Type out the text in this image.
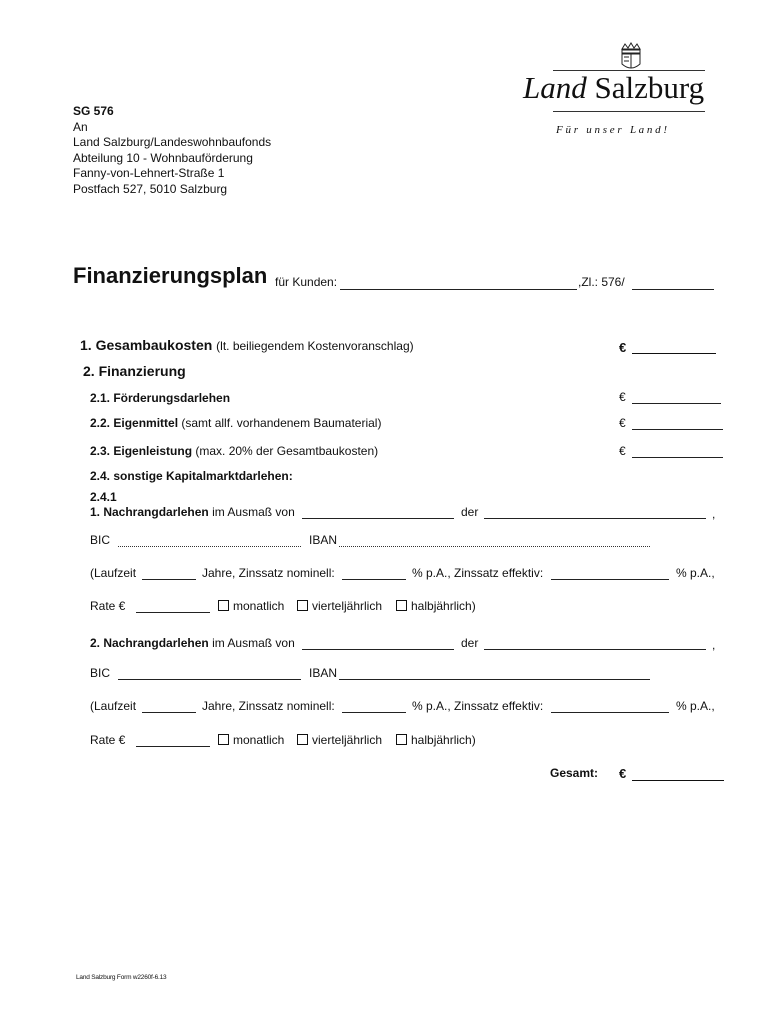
Land Salzburg
F ü r   u n s e r   L a n d !
SG 576
An
Land Salzburg/Landeswohnbaufonds
Abteilung 10 - Wohnbauförderung
Fanny-von-Lehnert-Straße 1
Postfach 527, 5010 Salzburg
Finanzierungsplan für Kunden:	,Zl.: 576/
1. Gesambaukosten (lt. beiliegendem Kostenvoranschlag)	€
2. Finanzierung
2.1. Förderungsdarlehen	€
2.2. Eigenmittel (samt allf. vorhandenem Baumaterial)	€
2.3. Eigenleistung (max. 20% der Gesamtbaukosten)	€
2.4. sonstige Kapitalmarktdarlehen:
2.4.1
1. Nachrangdarlehen im Ausmaß von	der	,
BIC	IBAN
(Laufzeit	Jahre, Zinssatz nominell:	% p.A., Zinssatz effektiv:	% p.A.,
Rate €	monatlich	vierteljährlich	halbjährlich)
2. Nachrangdarlehen im Ausmaß von	der	,
BIC	IBAN
(Laufzeit	Jahre, Zinssatz nominell:	% p.A., Zinssatz effektiv:	% p.A.,
Rate €	monatlich	vierteljährlich	halbjährlich)
Gesamt: €
Land Salzburg Form w2260f-6.13
